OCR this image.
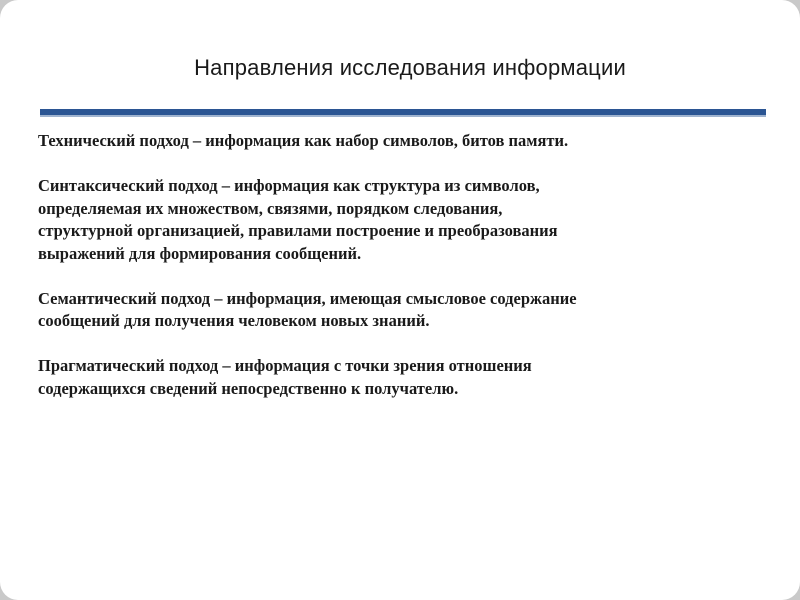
Направления исследования информации
Технический подход – информация как набор символов, битов памяти.
Синтаксический подход – информация как структура из символов,
определяемая их множеством, связями, порядком следования,
структурной организацией, правилами построение и преобразования
выражений для формирования сообщений.
Семантический подход – информация, имеющая смысловое содержание
сообщений для получения человеком новых знаний.
Прагматический подход – информация с точки зрения отношения
содержащихся сведений непосредственно к получателю.
